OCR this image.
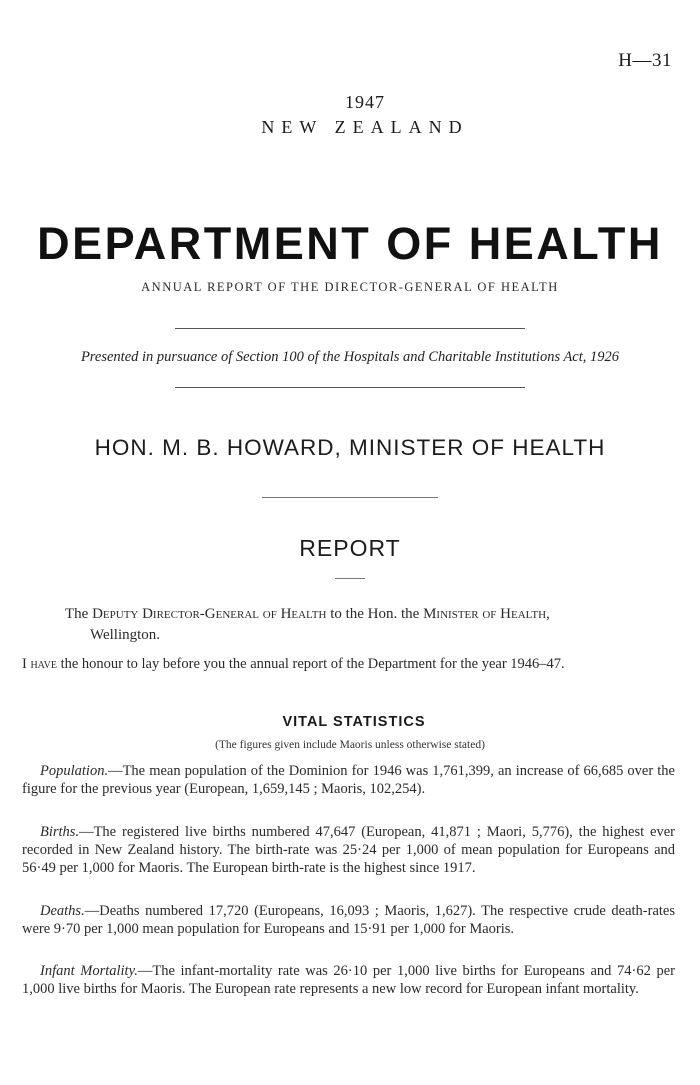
H—31
1947
NEW ZEALAND
DEPARTMENT OF HEALTH
ANNUAL REPORT OF THE DIRECTOR-GENERAL OF HEALTH
Presented in pursuance of Section 100 of the Hospitals and Charitable Institutions Act, 1926
HON. M. B. HOWARD, MINISTER OF HEALTH
REPORT
The Deputy Director-General of Health to the Hon. the Minister of Health,
Wellington.
I have the honour to lay before you the annual report of the Department for the year 1946–47.
VITAL STATISTICS
(The figures given include Maoris unless otherwise stated)
Population.—The mean population of the Dominion for 1946 was 1,761,399, an increase of 66,685 over the figure for the previous year (European, 1,659,145 ; Maoris, 102,254).
Births.—The registered live births numbered 47,647 (European, 41,871 ; Maori, 5,776), the highest ever recorded in New Zealand history. The birth-rate was 25·24 per 1,000 of mean population for Europeans and 56·49 per 1,000 for Maoris. The European birth-rate is the highest since 1917.
Deaths.—Deaths numbered 17,720 (Europeans, 16,093 ; Maoris, 1,627). The respective crude death-rates were 9·70 per 1,000 mean population for Europeans and 15·91 per 1,000 for Maoris.
Infant Mortality.—The infant-mortality rate was 26·10 per 1,000 live births for Europeans and 74·62 per 1,000 live births for Maoris. The European rate represents a new low record for European infant mortality.
